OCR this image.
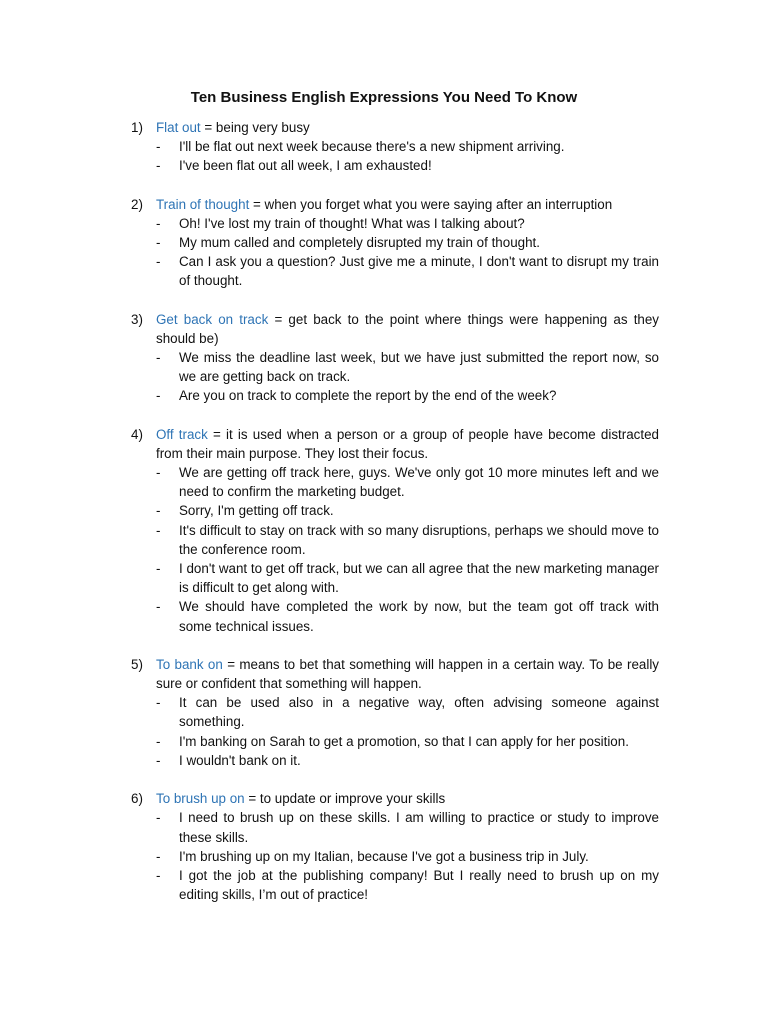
Ten Business English Expressions You Need To Know
1) Flat out = being very busy
- I'll be flat out next week because there's a new shipment arriving.
- I've been flat out all week, I am exhausted!
2) Train of thought = when you forget what you were saying after an interruption
- Oh! I've lost my train of thought! What was I talking about?
- My mum called and completely disrupted my train of thought.
- Can I ask you a question? Just give me a minute, I don't want to disrupt my train of thought.
3) Get back on track = get back to the point where things were happening as they should be)
- We miss the deadline last week, but we have just submitted the report now, so we are getting back on track.
- Are you on track to complete the report by the end of the week?
4) Off track = it is used when a person or a group of people have become distracted from their main purpose. They lost their focus.
- We are getting off track here, guys. We've only got 10 more minutes left and we need to confirm the marketing budget.
- Sorry, I'm getting off track.
- It's difficult to stay on track with so many disruptions, perhaps we should move to the conference room.
- I don't want to get off track, but we can all agree that the new marketing manager is difficult to get along with.
- We should have completed the work by now, but the team got off track with some technical issues.
5) To bank on = means to bet that something will happen in a certain way. To be really sure or confident that something will happen.
- It can be used also in a negative way, often advising someone against something.
- I'm banking on Sarah to get a promotion, so that I can apply for her position.
- I wouldn't bank on it.
6) To brush up on = to update or improve your skills
- I need to brush up on these skills. I am willing to practice or study to improve these skills.
- I'm brushing up on my Italian, because I've got a business trip in July.
- I got the job at the publishing company! But I really need to brush up on my editing skills, I’m out of practice!
